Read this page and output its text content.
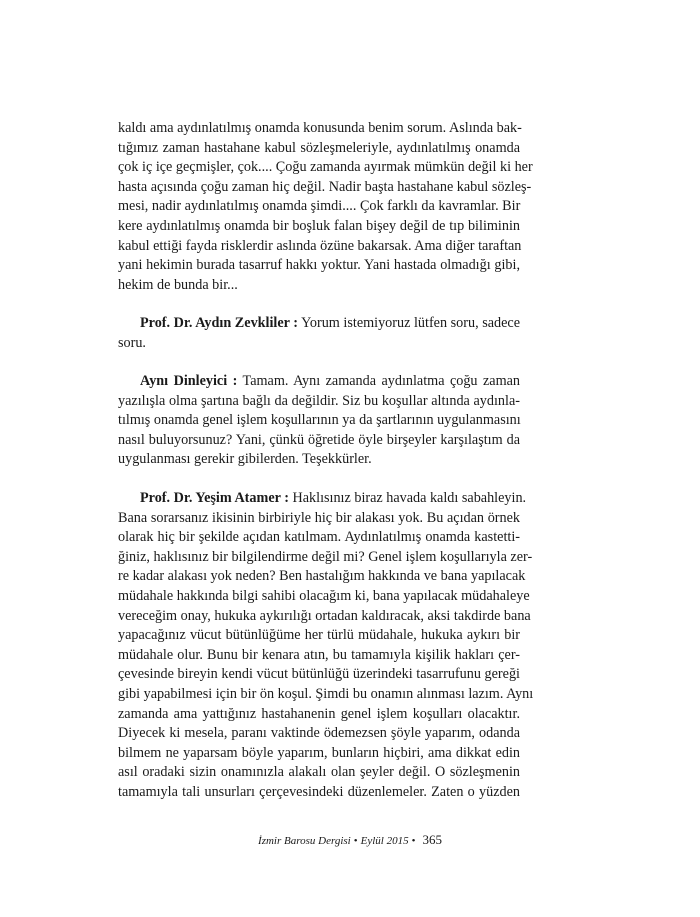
kaldı ama aydınlatılmış onamda konusunda benim sorum. Aslında bak-
tığımız zaman hastahane kabul sözleşmeleriyle, aydınlatılmış onamda
çok iç içe geçmişler, çok.... Çoğu zamanda ayırmak mümkün değil ki her
hasta açısında çoğu zaman hiç değil. Nadir başta hastahane kabul sözleş-
mesi, nadir aydınlatılmış onamda şimdi.... Çok farklı da kavramlar. Bir
kere aydınlatılmış onamda bir boşluk falan bişey değil de tıp biliminin
kabul ettiği fayda risklerdir aslında özüne bakarsak. Ama diğer taraftan
yani hekimin burada tasarruf hakkı yoktur. Yani hastada olmadığı gibi,
hekim de bunda bir...
Prof. Dr. Aydın Zevkliler : Yorum istemiyoruz lütfen soru, sadece
soru.
Aynı Dinleyici : Tamam. Aynı zamanda aydınlatma çoğu zaman
yazılışla olma şartına bağlı da değildir. Siz bu koşullar altında aydınla-
tılmış onamda genel işlem koşullarının ya da şartlarının uygulanmasını
nasıl buluyorsunuz? Yani, çünkü öğretide öyle birşeyler karşılaştım da
uygulanması gerekir gibilerden. Teşekkürler.
Prof. Dr. Yeşim Atamer : Haklısınız biraz havada kaldı sabahleyin.
Bana sorarsanız ikisinin birbiriyle hiç bir alakası yok. Bu açıdan örnek
olarak hiç bir şekilde açıdan katılmam. Aydınlatılmış onamda kastetti-
ğiniz, haklısınız bir bilgilendirme değil mi? Genel işlem koşullarıyla zer-
re kadar alakası yok neden? Ben hastalığım hakkında ve bana yapılacak
müdahale hakkında bilgi sahibi olacağım ki, bana yapılacak müdahaleye
vereceğim onay, hukuka aykırılığı ortadan kaldıracak, aksi takdirde bana
yapacağınız vücut bütünlüğüme her türlü müdahale, hukuka aykırı bir
müdahale olur. Bunu bir kenara atın, bu tamamıyla kişilik hakları çer-
çevesinde bireyin kendi vücut bütünlüğü üzerindeki tasarrufunu gereği
gibi yapabilmesi için bir ön koşul. Şimdi bu onamın alınması lazım. Aynı
zamanda ama yattığınız hastahanenin genel işlem koşulları olacaktır.
Diyecek ki mesela, paranı vaktinde ödemezsen şöyle yaparım, odanda
bilmem ne yaparsam böyle yaparım, bunların hiçbiri, ama dikkat edin
asıl oradaki sizin onamınızla alakalı olan şeyler değil. O sözleşmenin
tamamıyla tali unsurları çerçevesindeki düzenlemeler. Zaten o yüzden
İzmir Barosu Dergisi • Eylül 2015 • 365
